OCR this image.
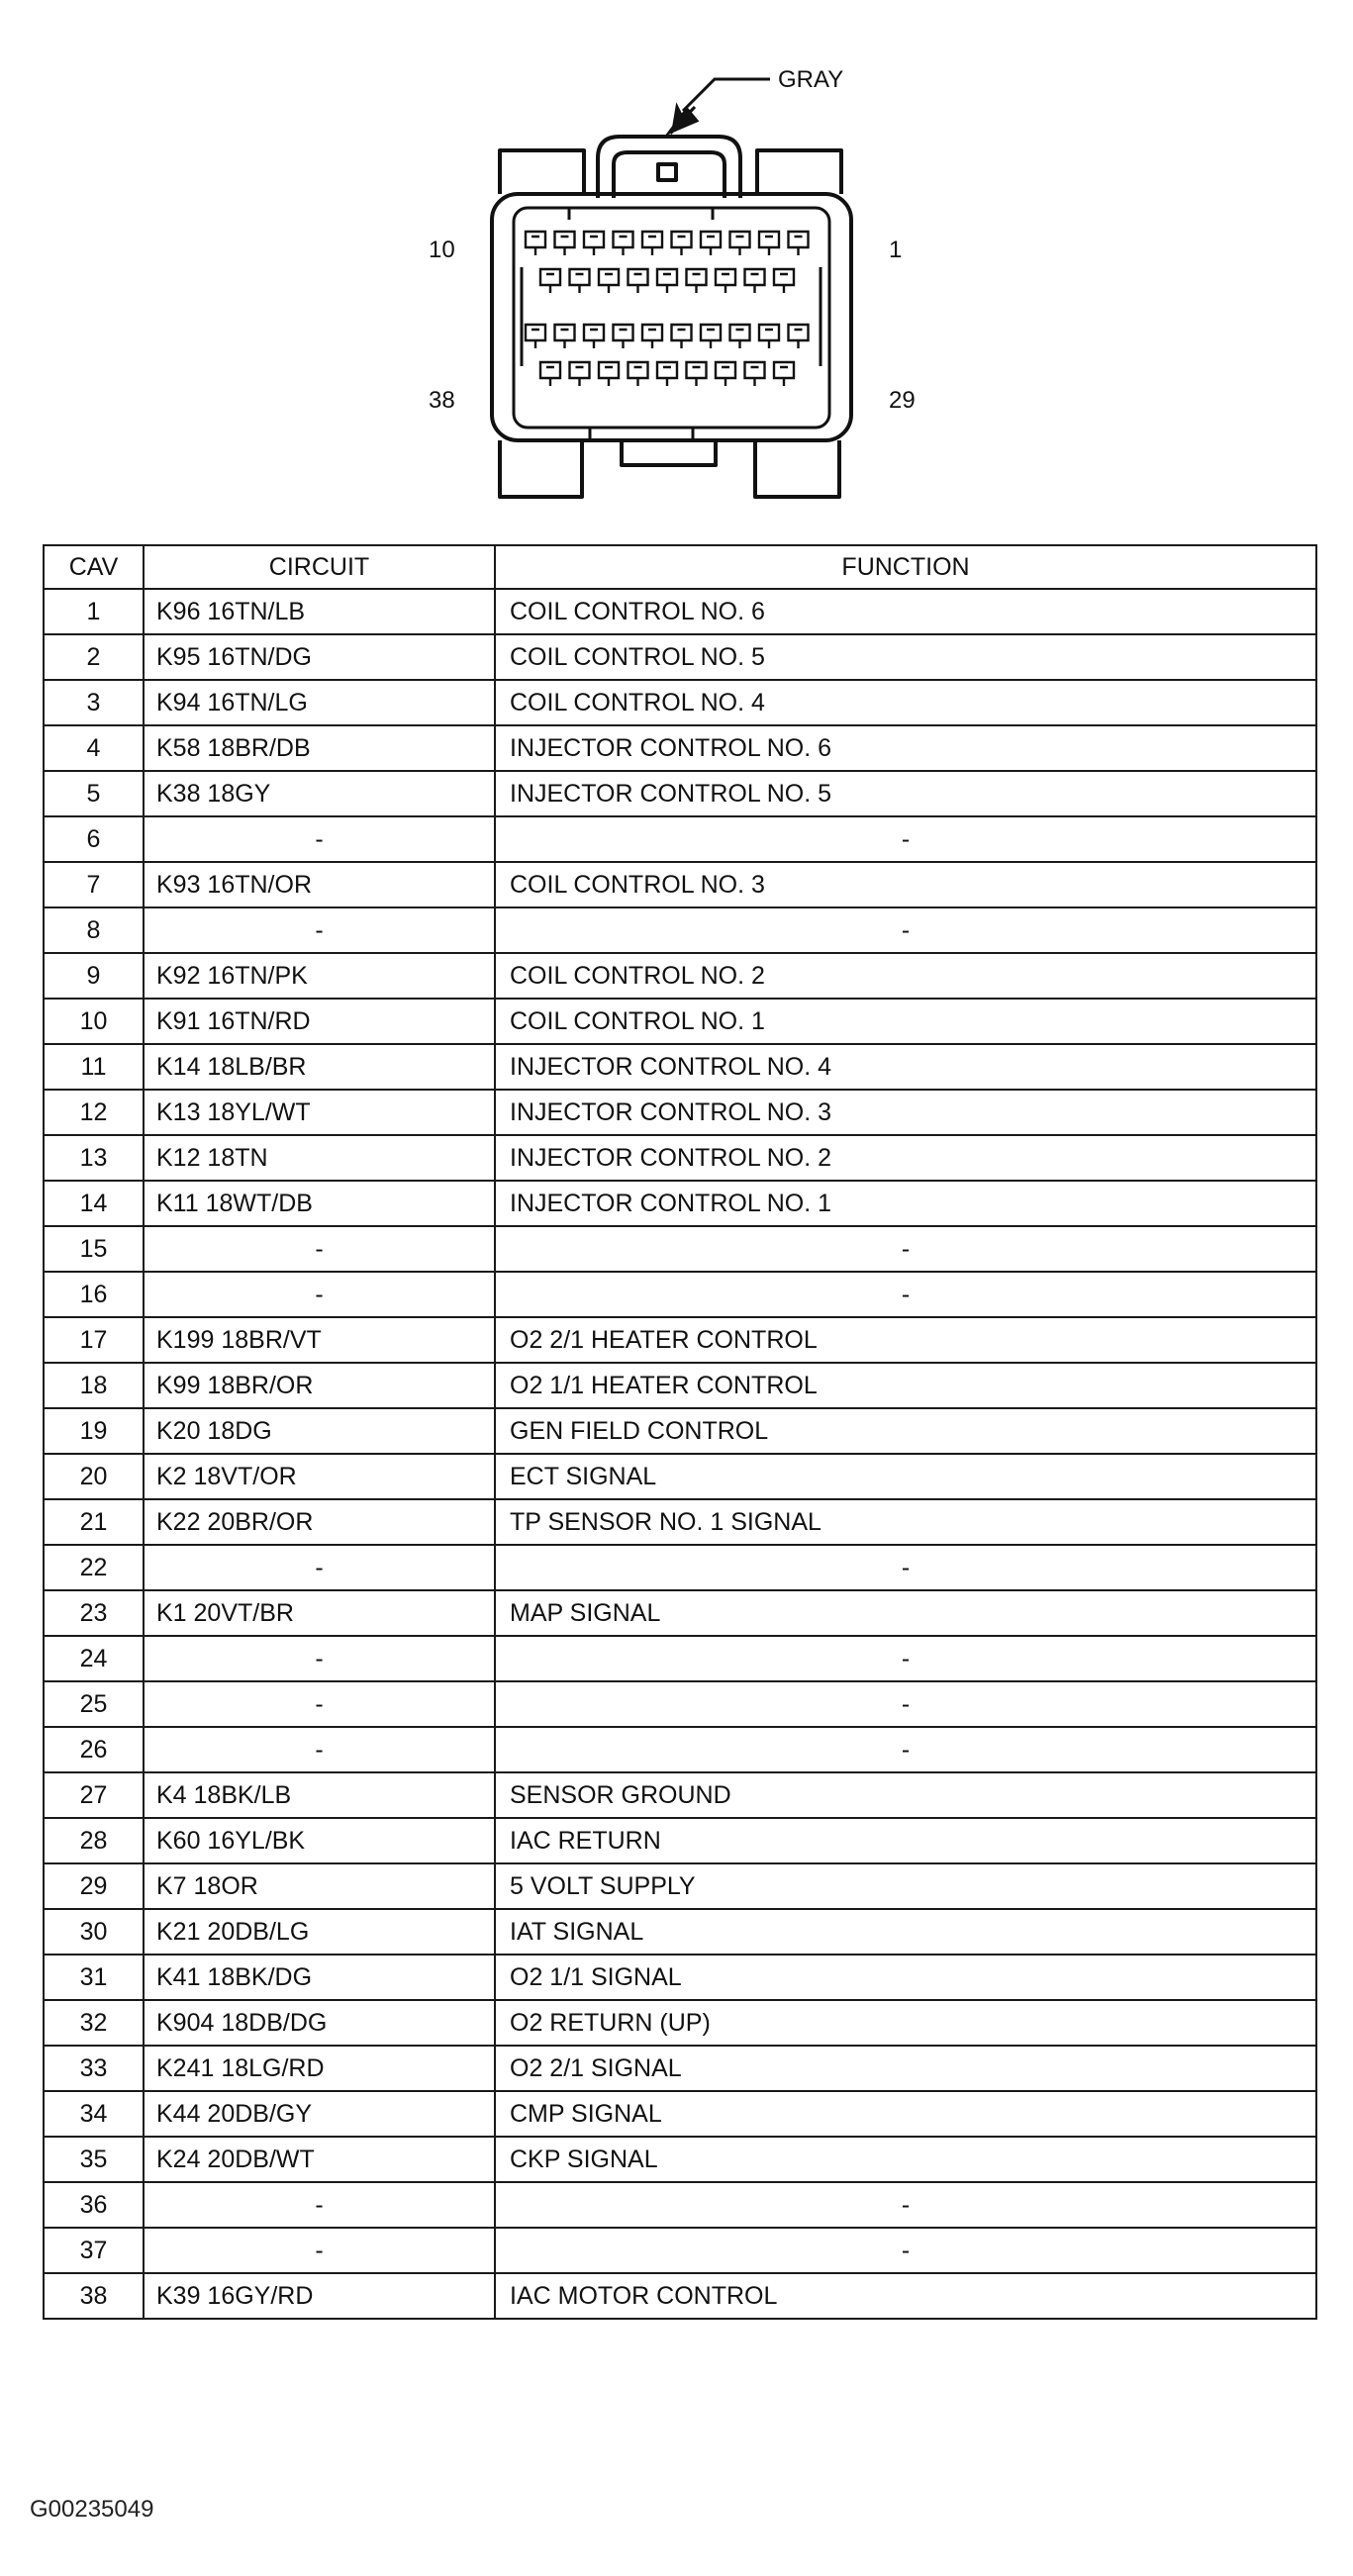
GRAY
10	1
38	29
CAV	CIRCUIT	FUNCTION
1	K96 16TN/LB	COIL CONTROL NO. 6
2	K95 16TN/DG	COIL CONTROL NO. 5
3	K94 16TN/LG	COIL CONTROL NO. 4
4	K58 18BR/DB	INJECTOR CONTROL NO. 6
5	K38 18GY	INJECTOR CONTROL NO. 5
6	-	-
7	K93 16TN/OR	COIL CONTROL NO. 3
8	-	-
9	K92 16TN/PK	COIL CONTROL NO. 2
10	K91 16TN/RD	COIL CONTROL NO. 1
11	K14 18LB/BR	INJECTOR CONTROL NO. 4
12	K13 18YL/WT	INJECTOR CONTROL NO. 3
13	K12 18TN	INJECTOR CONTROL NO. 2
14	K11 18WT/DB	INJECTOR CONTROL NO. 1
15	-	-
16	-	-
17	K199 18BR/VT	O2 2/1 HEATER CONTROL
18	K99 18BR/OR	O2 1/1 HEATER CONTROL
19	K20 18DG	GEN FIELD CONTROL
20	K2 18VT/OR	ECT SIGNAL
21	K22 20BR/OR	TP SENSOR NO. 1 SIGNAL
22	-	-
23	K1 20VT/BR	MAP SIGNAL
24	-	-
25	-	-
26	-	-
27	K4 18BK/LB	SENSOR GROUND
28	K60 16YL/BK	IAC RETURN
29	K7 18OR	5 VOLT SUPPLY
30	K21 20DB/LG	IAT SIGNAL
31	K41 18BK/DG	O2 1/1 SIGNAL
32	K904 18DB/DG	O2 RETURN (UP)
33	K241 18LG/RD	O2 2/1 SIGNAL
34	K44 20DB/GY	CMP SIGNAL
35	K24 20DB/WT	CKP SIGNAL
36	-	-
37	-	-
38	K39 16GY/RD	IAC MOTOR CONTROL
G00235049
